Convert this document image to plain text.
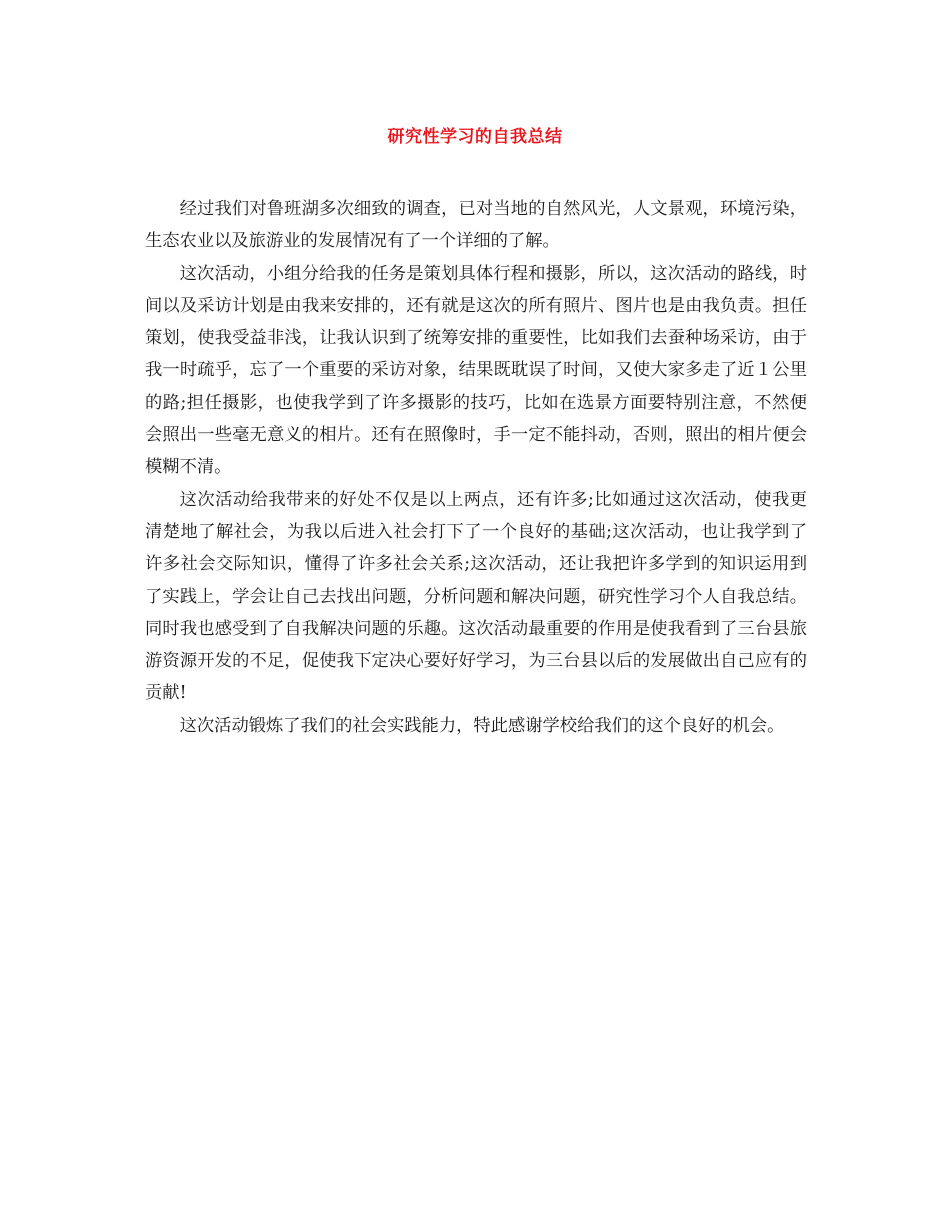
研究性学习的自我总结

经过我们对鲁班湖多次细致的调查，已对当地的自然风光，人文景观，环境污染，生态农业以及旅游业的发展情况有了一个详细的了解。

这次活动，小组分给我的任务是策划具体行程和摄影，所以，这次活动的路线，时间以及采访计划是由我来安排的，还有就是这次的所有照片、图片也是由我负责。担任策划，使我受益非浅，让我认识到了统筹安排的重要性，比如我们去蚕种场采访，由于我一时疏乎，忘了一个重要的采访对象，结果既耽误了时间，又使大家多走了近１公里的路;担任摄影，也使我学到了许多摄影的技巧，比如在选景方面要特别注意，不然便会照出一些毫无意义的相片。还有在照像时，手一定不能抖动，否则，照出的相片便会模糊不清。

这次活动给我带来的好处不仅是以上两点，还有许多;比如通过这次活动，使我更清楚地了解社会，为我以后进入社会打下了一个良好的基础;这次活动，也让我学到了许多社会交际知识，懂得了许多社会关系;这次活动，还让我把许多学到的知识运用到了实践上，学会让自己去找出问题，分析问题和解决问题，研究性学习个人自我总结。同时我也感受到了自我解决问题的乐趣。这次活动最重要的作用是使我看到了三台县旅游资源开发的不足，促使我下定决心要好好学习，为三台县以后的发展做出自己应有的贡献!

这次活动锻炼了我们的社会实践能力，特此感谢学校给我们的这个良好的机会。
